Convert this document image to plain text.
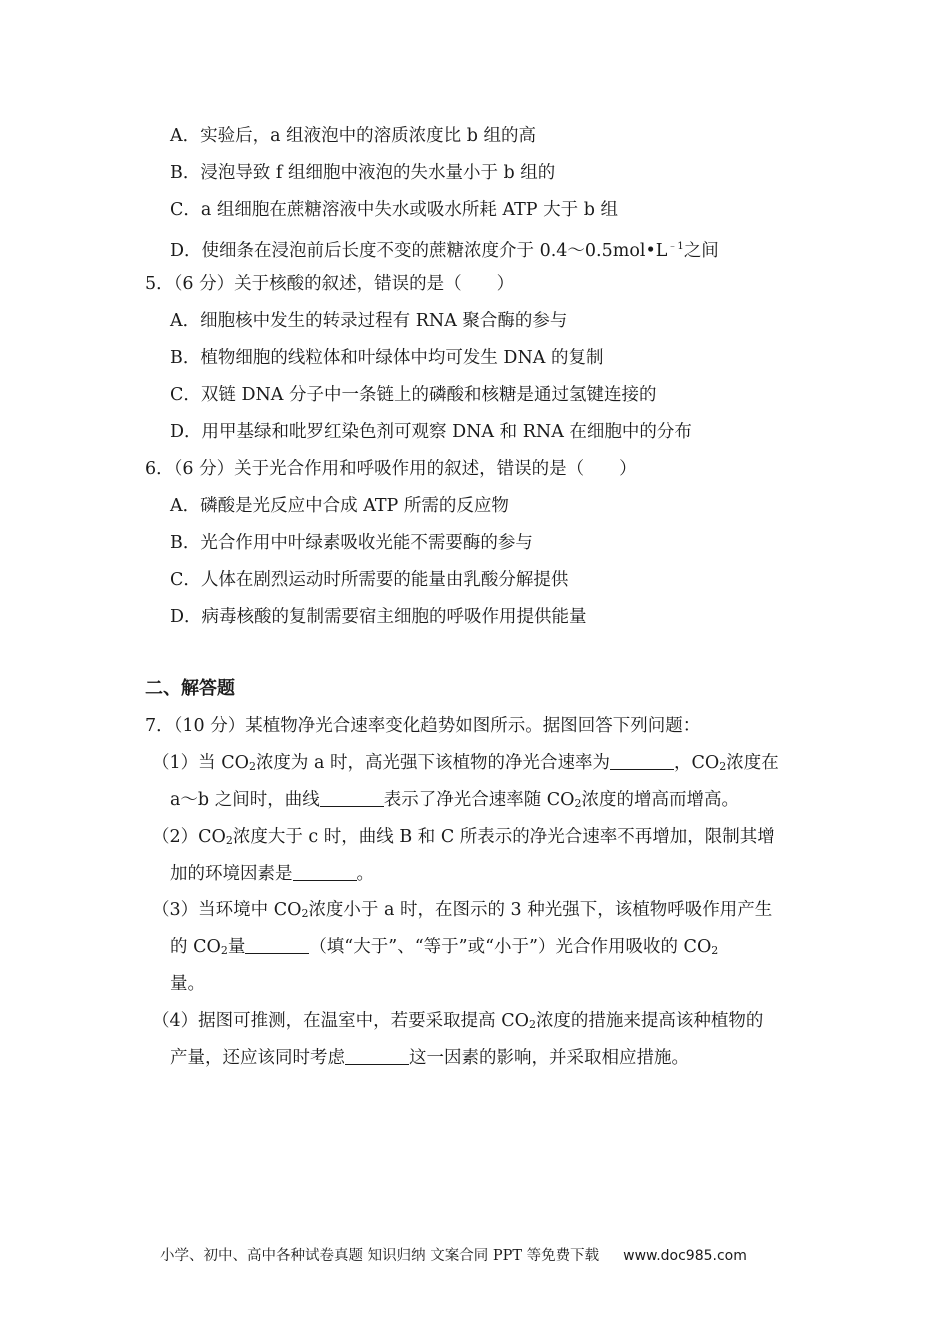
A．实验后，a 组液泡中的溶质浓度比 b 组的高
B．浸泡导致 f 组细胞中液泡的失水量小于 b 组的
C．a 组细胞在蔗糖溶液中失水或吸水所耗 ATP 大于 b 组
D．使细条在浸泡前后长度不变的蔗糖浓度介于 $0.4\sim 0.5mol•L^{﹣1}$之间
5．（6 分）关于核酸的叙述，错误的是（　　）
A．细胞核中发生的转录过程有 RNA 聚合酶的参与
B．植物细胞的线粒体和叶绿体中均可发生 DNA 的复制
C．双链 DNA 分子中一条链上的磷酸和核糖是通过氢键连接的
D．用甲基绿和吡罗红染色剂可观察 DNA 和 RNA 在细胞中的分布
6．（6 分）关于光合作用和呼吸作用的叙述，错误的是（　　）
A．磷酸是光反应中合成 ATP 所需的反应物
B．光合作用中叶绿素吸收光能不需要酶的参与
C．人体在剧烈运动时所需要的能量由乳酸分解提供
D．病毒核酸的复制需要宿主细胞的呼吸作用提供能量
二、解答题
7．（10 分）某植物净光合速率变化趋势如图所示。据图回答下列问题：
（1）当 CO2浓度为 a 时，高光强下该植物的净光合速率为	，CO2浓度在
a～b 之间时，曲线	表示了净光合速率随 CO2浓度的增高而增高。
（2）CO2浓度大于 c 时，曲线 B 和 C 所表示的净光合速率不再增加，限制其增
加的环境因素是	。
（3）当环境中 CO2浓度小于 a 时，在图示的 3 种光强下，该植物呼吸作用产生
的 CO2量	（填“大于”、“等于”或“小于”）光合作用吸收的 CO2
量。
（4）据图可推测，在温室中，若要采取提高 CO2浓度的措施来提高该种植物的
产量，还应该同时考虑	这一因素的影响，并采取相应措施。
小学、初中、高中各种试卷真题 知识归纳 文案合同 PPT 等免费下载 www.doc985.com
